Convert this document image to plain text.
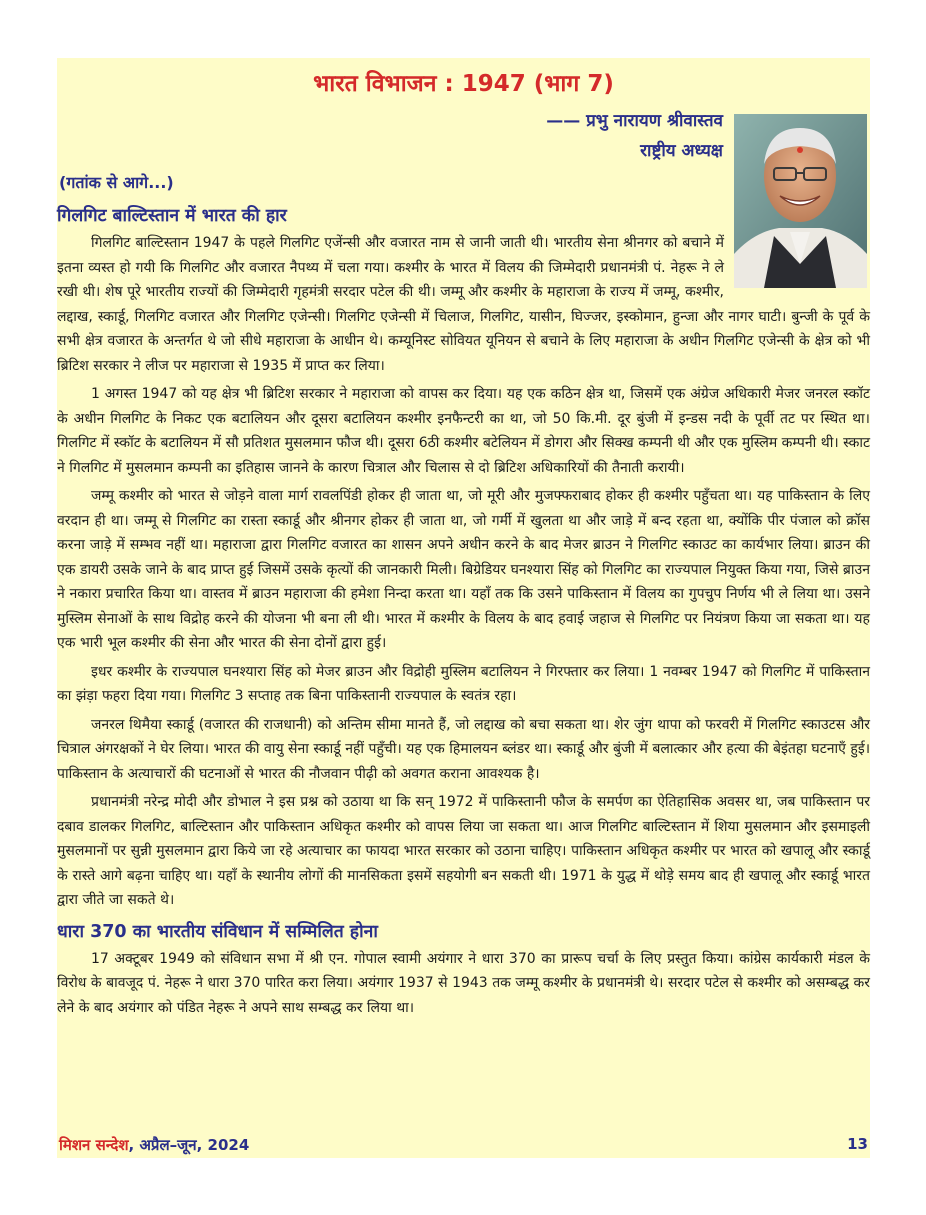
भारत विभाजन : 1947 (भाग 7)
—— प्रभु नारायण श्रीवास्तव
राष्ट्रीय अध्यक्ष
(गतांक से आगे...)
गिलगिट बाल्टिस्तान में भारत की हार

गिलगिट बाल्टिस्तान 1947 के पहले गिलगिट एजेंन्सी और वजारत नाम से जानी जाती थी। भारतीय सेना श्रीनगर को बचाने में इतना व्यस्त हो गयी कि गिलगिट और वजारत नैपथ्य में चला गया। कश्मीर के भारत में विलय की जिम्मेदारी प्रधानमंत्री पं. नेहरू ने ले रखी थी। शेष पूरे भारतीय राज्यों की जिम्मेदारी गृहमंत्री सरदार पटेल की थी। जम्मू और कश्मीर के महाराजा के राज्य में जम्मू, कश्मीर, लद्दाख, स्कार्डू, गिलगिट वजारत और गिलगिट एजेन्सी। गिलगिट एजेन्सी में चिलाज, गिलगिट, यासीन, घिज्जर, इस्कोमान, हुन्जा और नागर घाटी। बुन्जी के पूर्व के सभी क्षेत्र वजारत के अन्तर्गत थे जो सीधे महाराजा के आधीन थे। कम्यूनिस्ट सोवियत यूनियन से बचाने के लिए महाराजा के अधीन गिलगिट एजेन्सी के क्षेत्र को भी ब्रिटिश सरकार ने लीज पर महाराजा से 1935 में प्राप्त कर लिया।

1 अगस्त 1947 को यह क्षेत्र भी ब्रिटिश सरकार ने महाराजा को वापस कर दिया। यह एक कठिन क्षेत्र था, जिसमें एक अंग्रेज अधिकारी मेजर जनरल स्कॉट के अधीन गिलगिट के निकट एक बटालियन और दूसरा बटालियन कश्मीर इनफैन्टरी का था, जो 50 कि.मी. दूर बुंजी में इन्डस नदी के पूर्वी तट पर स्थित था। गिलगिट में स्कॉट के बटालियन में सौ प्रतिशत मुसलमान फौज थी। दूसरा 6ठी कश्मीर बटेलियन में डोगरा और सिक्ख कम्पनी थी और एक मुस्लिम कम्पनी थी। स्काट ने गिलगिट में मुसलमान कम्पनी का इतिहास जानने के कारण चित्राल और चिलास से दो ब्रिटिश अधिकारियों की तैनाती करायी।

जम्मू कश्मीर को भारत से जोड़ने वाला मार्ग रावलपिंडी होकर ही जाता था, जो मूरी और मुजफ्फराबाद होकर ही कश्मीर पहुँचता था। यह पाकिस्तान के लिए वरदान ही था। जम्मू से गिलगिट का रास्ता स्कार्डू और श्रीनगर होकर ही जाता था, जो गर्मी में खुलता था और जाड़े में बन्द रहता था, क्योंकि पीर पंजाल को क्रॉस करना जाड़े में सम्भव नहीं था। महाराजा द्वारा गिलगिट वजारत का शासन अपने अधीन करने के बाद मेजर ब्राउन ने गिलगिट स्काउट का कार्यभार लिया। ब्राउन की एक डायरी उसके जाने के बाद प्राप्त हुई जिसमें उसके कृत्यों की जानकारी मिली। बिग्रेडियर घनश्यारा सिंह को गिलगिट का राज्यपाल नियुक्त किया गया, जिसे ब्राउन ने नकारा प्रचारित किया था। वास्तव में ब्राउन महाराजा की हमेशा निन्दा करता था। यहाँ तक कि उसने पाकिस्तान में विलय का गुपचुप निर्णय भी ले लिया था। उसने मुस्लिम सेनाओं के साथ विद्रोह करने की योजना भी बना ली थी। भारत में कश्मीर के विलय के बाद हवाई जहाज से गिलगिट पर नियंत्रण किया जा सकता था। यह एक भारी भूल कश्मीर की सेना और भारत की सेना दोनों द्वारा हुई।

इधर कश्मीर के राज्यपाल घनश्यारा सिंह को मेजर ब्राउन और विद्रोही मुस्लिम बटालियन ने गिरफ्तार कर लिया। 1 नवम्बर 1947 को गिलगिट में पाकिस्तान का झंड़ा फहरा दिया गया। गिलगिट 3 सप्ताह तक बिना पाकिस्तानी राज्यपाल के स्वतंत्र रहा।

जनरल थिमैया स्कार्डू (वजारत की राजधानी) को अन्तिम सीमा मानते हैं, जो लद्दाख को बचा सकता था। शेर जुंग थापा को फरवरी में गिलगिट स्काउटस और चित्राल अंगरक्षकों ने घेर लिया। भारत की वायु सेना स्कार्डू नहीं पहुँची। यह एक हिमालयन ब्लंडर था। स्कार्डू और बुंजी में बलात्कार और हत्या की बेइंतहा घटनाएँ हुई। पाकिस्तान के अत्याचारों की घटनाओं से भारत की नौजवान पीढ़ी को अवगत कराना आवश्यक है।

प्रधानमंत्री नरेन्द्र मोदी और डोभाल ने इस प्रश्न को उठाया था कि सन् 1972 में पाकिस्तानी फौज के समर्पण का ऐतिहासिक अवसर था, जब पाकिस्तान पर दबाव डालकर गिलगिट, बाल्टिस्तान और पाकिस्तान अधिकृत कश्मीर को वापस लिया जा सकता था। आज गिलगिट बाल्टिस्तान में शिया मुसलमान और इसमाइली मुसलमानों पर सुन्नी मुसलमान द्वारा किये जा रहे अत्याचार का फायदा भारत सरकार को उठाना चाहिए। पाकिस्तान अधिकृत कश्मीर पर भारत को खपालू और स्कार्डू के रास्ते आगे बढ़ना चाहिए था। यहाँ के स्थानीय लोगों की मानसिकता इसमें सहयोगी बन सकती थी। 1971 के युद्ध में थोड़े समय बाद ही खपालू और स्कार्डू भारत द्वारा जीते जा सकते थे।

धारा 370 का भारतीय संविधान में सम्मिलित होना

17 अक्टूबर 1949 को संविधान सभा में श्री एन. गोपाल स्वामी अयंगार ने धारा 370 का प्रारूप चर्चा के लिए प्रस्तुत किया। कांग्रेस कार्यकारी मंडल के विरोध के बावजूद पं. नेहरू ने धारा 370 पारित करा लिया। अयंगार 1937 से 1943 तक जम्मू कश्मीर के प्रधानमंत्री थे। सरदार पटेल से कश्मीर को असम्बद्ध कर लेने के बाद अयंगार को पंडित नेहरू ने अपने साथ सम्बद्ध कर लिया था।

मिशन सन्देश, अप्रैल–जून, 2024	13
